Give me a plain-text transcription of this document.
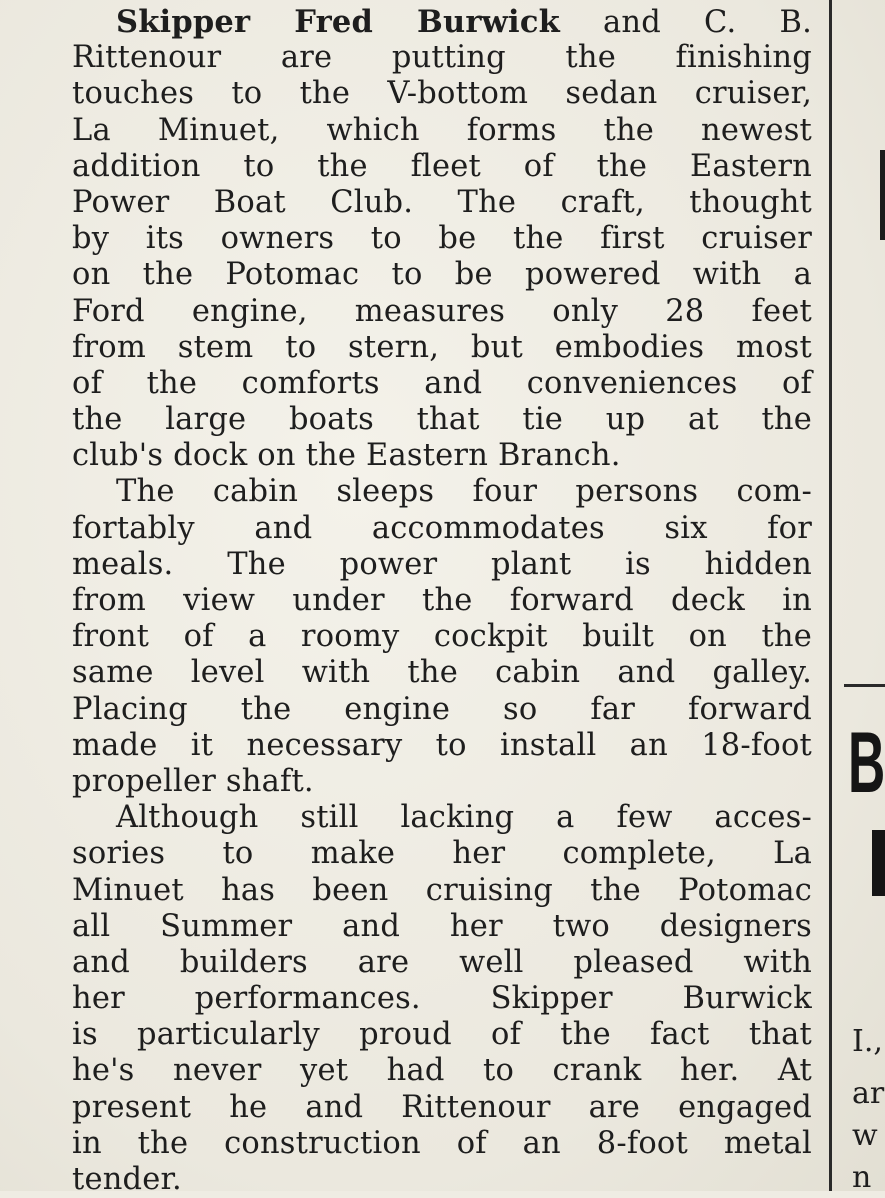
Skipper Fred Burwick and C. B.
Rittenour are putting the finishing
touches to the V-bottom sedan cruiser,
La Minuet, which forms the newest
addition to the fleet of the Eastern
Power Boat Club. The craft, thought
by its owners to be the first cruiser
on the Potomac to be powered with a
Ford engine, measures only 28 feet
from stem to stern, but embodies most
of the comforts and conveniences of
the large boats that tie up at the
club's dock on the Eastern Branch.
The cabin sleeps four persons com-
fortably and accommodates six for
meals. The power plant is hidden
from view under the forward deck in
front of a roomy cockpit built on the
same level with the cabin and galley.
Placing the engine so far forward
made it necessary to install an 18-foot
propeller shaft.
Although still lacking a few acces-
sories to make her complete, La
Minuet has been cruising the Potomac
all Summer and her two designers
and builders are well pleased with
her performances. Skipper Burwick
is particularly proud of the fact that
he's never yet had to crank her. At
present he and Rittenour are engaged
in the construction of an 8-foot metal
tender.
B
I.,
ar
w
n
